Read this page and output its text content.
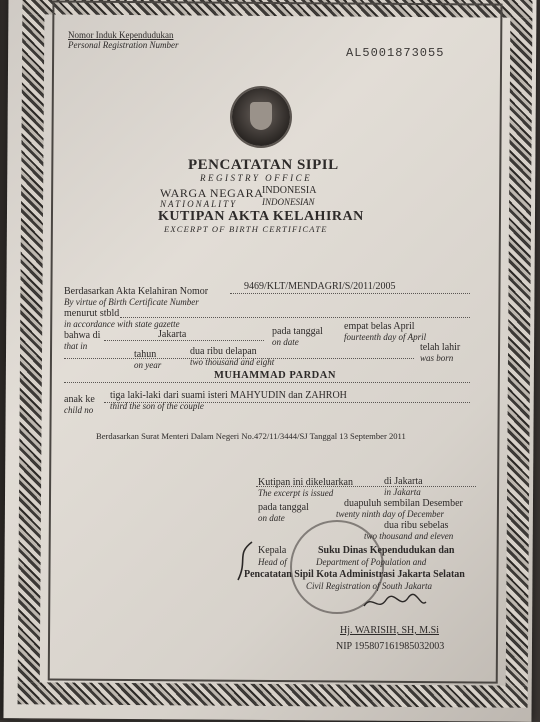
Nomor Induk Kependudukan
Personal Registration Number
AL5001873055
PENCATATAN SIPIL
REGISTRY OFFICE
WARGA NEGARA
NATIONALITY
INDONESIA
INDONESIAN
KUTIPAN AKTA KELAHIRAN
EXCERPT OF BIRTH CERTIFICATE
Berdasarkan Akta Kelahiran Nomor
By virtue of Birth Certificate Number
9469/KLT/MENDAGRI/S/2011/2005
menurut stbld
in accordance with state gazette
bahwa di
that in
Jakarta	pada tanggal
on date
empat belas April
fourteenth day of April
telah lahir
was born
tahun
on year
dua ribu delapan
two thousand and eight
MUHAMMAD PARDAN
anak ke
child no
tiga laki-laki dari suami isteri MAHYUDIN dan ZAHROH
third the son of the couple
Berdasarkan Surat Menteri Dalam Negeri No.472/11/3444/SJ Tanggal 13 September 2011
Kutipan ini dikeluarkan
The excerpt is issued
di Jakarta
in Jakarta
pada tanggal
on date
duapuluh sembilan Desember
twenty ninth day of December
dua ribu sebelas
two thousand and eleven
Kepala
Head of
Suku Dinas Kependudukan dan
Department of Population and
Pencatatan Sipil Kota Administrasi Jakarta Selatan
Civil Registration of South Jakarta
Hj. WARISIH, SH, M.Si
NIP 195807161985032003
